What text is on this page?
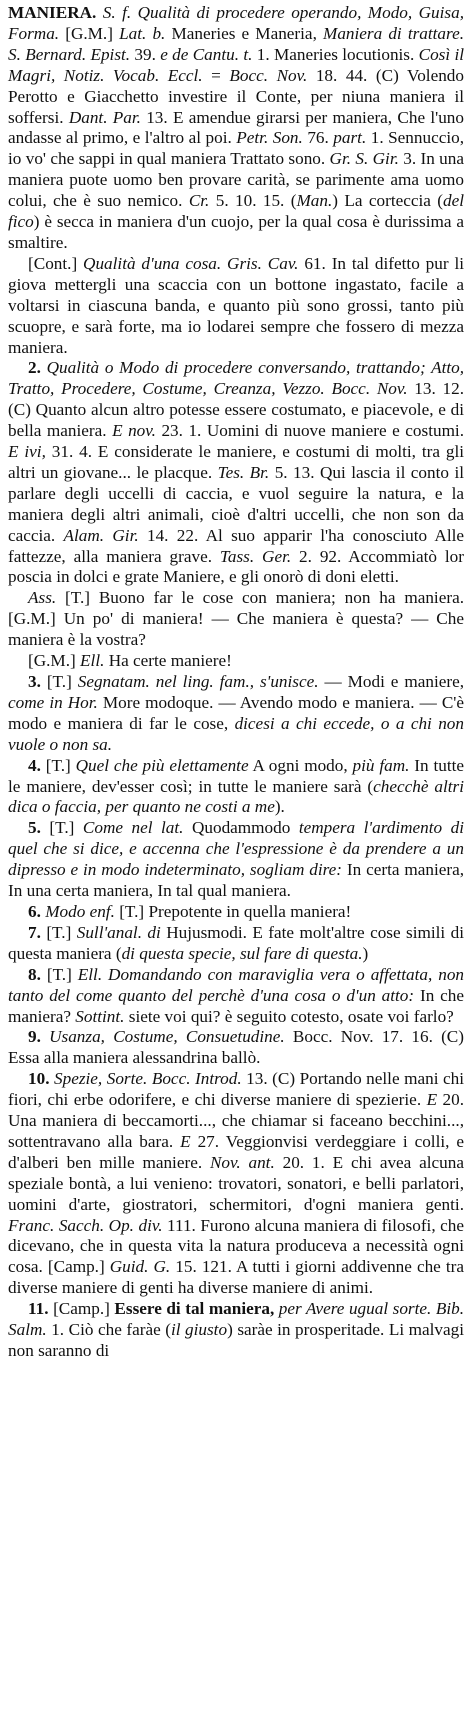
MANIERA. S. f. Qualità di procedere operando, Modo, Guisa, Forma. [G.M.] Lat. b. Maneries e Maneria, Maniera di trattare. S. Bernard. Epist. 39. e de Cantu. t. 1. Maneries locutionis. Così il Magri, Notiz. Vocab. Eccl. = Bocc. Nov. 18. 44. (C) Volendo Perotto e Giacchetto investire il Conte, per niuna maniera il soffersi. Dant. Par. 13. E amendue girarsi per maniera, Che l'uno andasse al primo, e l'altro al poi. Petr. Son. 76. part. 1. Sennuccio, io vo' che sappi in qual maniera Trattato sono. Gr. S. Gir. 3. In una maniera puote uomo ben provare carità, se parimente ama uomo colui, che è suo nemico. Cr. 5. 10. 15. (Man.) La corteccia (del fico) è secca in maniera d'un cuojo, per la qual cosa è durissima a smaltire.

[Cont.] Qualità d'una cosa. Gris. Cav. 61. In tal difetto pur li giova mettergli una scaccia con un bottone ingastato, facile a voltarsi in ciascuna banda, e quanto più sono grossi, tanto più scuopre, e sarà forte, ma io lodarei sempre che fossero di mezza maniera.

2. Qualità o Modo di procedere conversando, trattando; Atto, Tratto, Procedere, Costume, Creanza, Vezzo. Bocc. Nov. 13. 12. (C) Quanto alcun altro potesse essere costumato, e piacevole, e di bella maniera. E nov. 23. 1. Uomini di nuove maniere e costumi. E ivi, 31. 4. E considerate le maniere, e costumi di molti, tra gli altri un giovane... le placque. Tes. Br. 5. 13. Qui lascia il conto il parlare degli uccelli di caccia, e vuol seguire la natura, e la maniera degli altri animali, cioè d'altri uccelli, che non son da caccia. Alam. Gir. 14. 22. Al suo apparir l'ha conosciuto Alle fattezze, alla maniera grave. Tass. Ger. 2. 92. Accommiatò lor poscia in dolci e grate Maniere, e gli onorò di doni eletti.

Ass. [T.] Buono far le cose con maniera; non ha maniera. [G.M.] Un po' di maniera! — Che maniera è questa? — Che maniera è la vostra?

[G.M.] Ell. Ha certe maniere!

3. [T.] Segnatam. nel ling. fam., s'unisce. — Modi e maniere, come in Hor. More modoque. — Avendo modo e maniera. — C'è modo e maniera di far le cose, dicesi a chi eccede, o a chi non vuole o non sa.

4. [T.] Quel che più elettamente A ogni modo, più fam. In tutte le maniere, dev'esser così; in tutte le maniere sarà (checchè altri dica o faccia, per quanto ne costi a me).

5. [T.] Come nel lat. Quodammodo tempera l'ardimento di quel che si dice, e accenna che l'espressione è da prendere a un dipresso e in modo indeterminato, sogliam dire: In certa maniera, In una certa maniera, In tal qual maniera.

6. Modo enf. [T.] Prepotente in quella maniera!

7. [T.] Sull'anal. di Hujusmodi. E fate molt'altre cose simili di questa maniera (di questa specie, sul fare di questa.)

8. [T.] Ell. Domandando con maraviglia vera o affettata, non tanto del come quanto del perchè d'una cosa o d'un atto: In che maniera? Sottint. siete voi qui? è seguito cotesto, osate voi farlo?

9. Usanza, Costume, Consuetudine. Bocc. Nov. 17. 16. (C) Essa alla maniera alessandrina ballò.

10. Spezie, Sorte. Bocc. Introd. 13. (C) Portando nelle mani chi fiori, chi erbe odorifere, e chi diverse maniere di spezierie. E 20. Una maniera di beccamorti..., che chiamar si faceano becchini..., sottentravano alla bara. E 27. Veggionvisi verdeggiare i colli, e d'alberi ben mille maniere. Nov. ant. 20. 1. E chi avea alcuna speziale bontà, a lui venieno: trovatori, sonatori, e belli parlatori, uomini d'arte, giostratori, schermitori, d'ogni maniera genti. Franc. Sacch. Op. div. 111. Furono alcuna maniera di filosofi, che dicevano, che in questa vita la natura produceva a necessità ogni cosa. [Camp.] Guid. G. 15. 121. A tutti i giorni addivenne che tra diverse maniere di genti ha diverse maniere di animi.

11. [Camp.] Essere di tal maniera, per Avere ugual sorte. Bib. Salm. 1. Ciò che faràe (il giusto) saràe in prosperitade. Li malvagi non saranno di
